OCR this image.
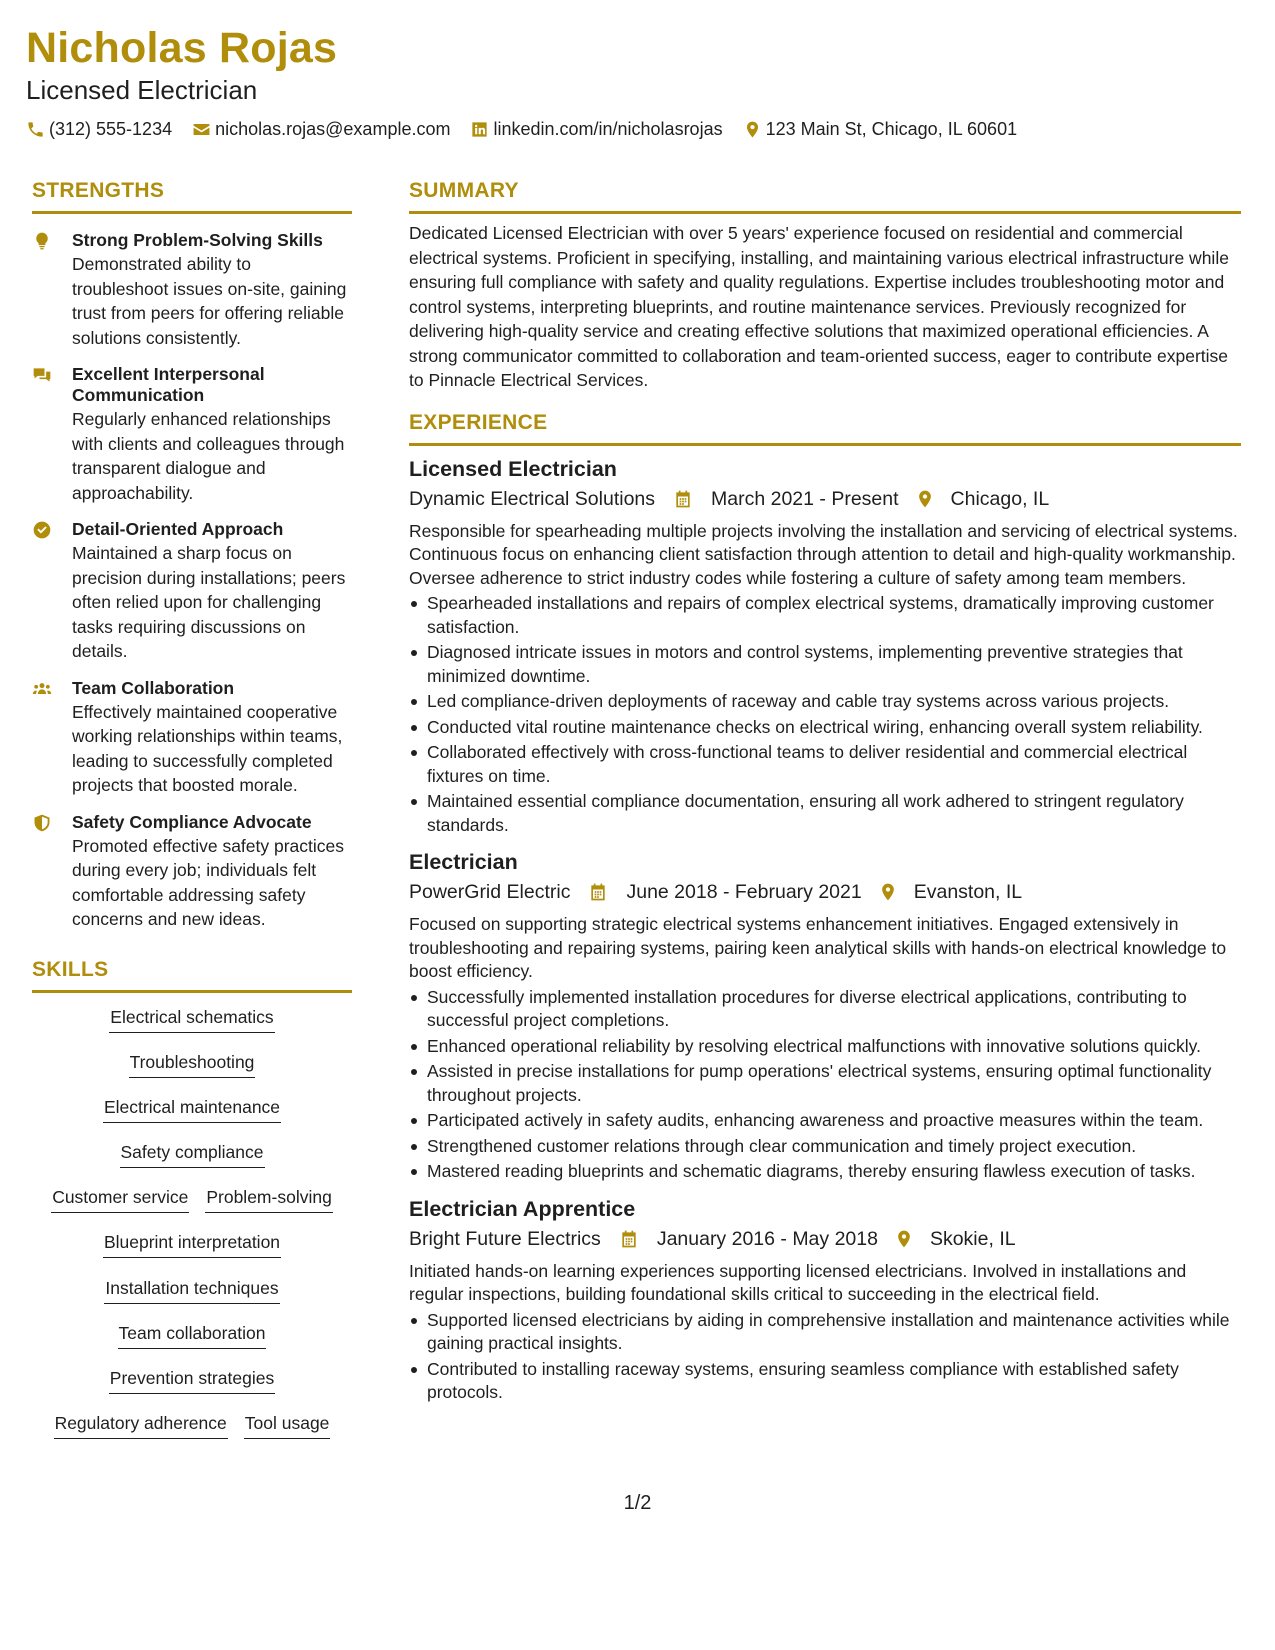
Nicholas Rojas
Licensed Electrician
(312) 555-1234 nicholas.rojas@example.com linkedin.com/in/nicholasrojas 123 Main St, Chicago, IL 60601
STRENGTHS
Strong Problem-Solving Skills
Demonstrated ability to troubleshoot issues on-site, gaining trust from peers for offering reliable solutions consistently.
Excellent Interpersonal Communication
Regularly enhanced relationships with clients and colleagues through transparent dialogue and approachability.
Detail-Oriented Approach
Maintained a sharp focus on precision during installations; peers often relied upon for challenging tasks requiring discussions on details.
Team Collaboration
Effectively maintained cooperative working relationships within teams, leading to successfully completed projects that boosted morale.
Safety Compliance Advocate
Promoted effective safety practices during every job; individuals felt comfortable addressing safety concerns and new ideas.
SKILLS
Electrical schematics
Troubleshooting
Electrical maintenance
Safety compliance
Customer service Problem-solving
Blueprint interpretation
Installation techniques
Team collaboration
Prevention strategies
Regulatory adherence Tool usage
SUMMARY

Dedicated Licensed Electrician with over 5 years' experience focused on residential and commercial electrical systems. Proficient in specifying, installing, and maintaining various electrical infrastructure while ensuring full compliance with safety and quality regulations. Expertise includes troubleshooting motor and control systems, interpreting blueprints, and routine maintenance services. Previously recognized for delivering high-quality service and creating effective solutions that maximized operational efficiencies. A strong communicator committed to collaboration and team-oriented success, eager to contribute expertise to Pinnacle Electrical Services.

EXPERIENCE
Licensed Electrician
Dynamic Electrical Solutions	March 2021 - Present	Chicago, IL

Responsible for spearheading multiple projects involving the installation and servicing of electrical systems. Continuous focus on enhancing client satisfaction through attention to detail and high-quality workmanship. Oversee adherence to strict industry codes while fostering a culture of safety among team members.

Spearheaded installations and repairs of complex electrical systems, dramatically improving customer satisfaction.
Diagnosed intricate issues in motors and control systems, implementing preventive strategies that minimized downtime.
Led compliance-driven deployments of raceway and cable tray systems across various projects.
Conducted vital routine maintenance checks on electrical wiring, enhancing overall system reliability.
Collaborated effectively with cross-functional teams to deliver residential and commercial electrical fixtures on time.
Maintained essential compliance documentation, ensuring all work adhered to stringent regulatory standards.
Electrician
PowerGrid Electric	June 2018 - February 2021	Evanston, IL

Focused on supporting strategic electrical systems enhancement initiatives. Engaged extensively in troubleshooting and repairing systems, pairing keen analytical skills with hands-on electrical knowledge to boost efficiency.

Successfully implemented installation procedures for diverse electrical applications, contributing to successful project completions.
Enhanced operational reliability by resolving electrical malfunctions with innovative solutions quickly.
Assisted in precise installations for pump operations' electrical systems, ensuring optimal functionality throughout projects.
Participated actively in safety audits, enhancing awareness and proactive measures within the team.
Strengthened customer relations through clear communication and timely project execution.
Mastered reading blueprints and schematic diagrams, thereby ensuring flawless execution of tasks.
Electrician Apprentice
Bright Future Electrics	January 2016 - May 2018	Skokie, IL

Initiated hands-on learning experiences supporting licensed electricians. Involved in installations and regular inspections, building foundational skills critical to succeeding in the electrical field.

Supported licensed electricians by aiding in comprehensive installation and maintenance activities while gaining practical insights.
Contributed to installing raceway systems, ensuring seamless compliance with established safety protocols.
1/2
